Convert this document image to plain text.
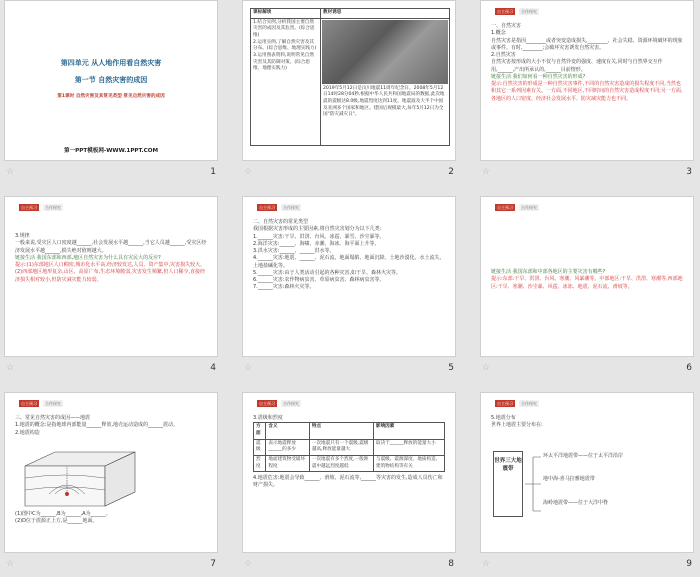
第四单元 从人地作用看自然灾害
第一节 自然灾害的成因
第1课时 自然灾害及其常见类型 常见自然灾害的成因
第一PPT模板网-WWW.1PPT.COM
☆	1
课标解读	教材诱思
1.结合实例,分析我国主要自然灾害的成因及其危害。(综合思维)
2.运用实例,了解自然灾害及其分布。(综合思维、地理实践力)
3.运用图表资料,说明常见自然灾害及其防御对策。(综合思维、地理实践力)	2019年5月12日是汶川地震11周年纪念日。2008年5月12日14时28分04秒,根据中华人民共和国地震局的数据,此次地震的震级达8.0级,地震烈度达到11度。地震波及大半个中国及亚洲多个国家和地区。建国后规模最大,每年5月12日为全国"防灾减灾日"。
☆	2
自主预习	合作探究
一、自然灾害
1.概念
自然灾害是指因________或者突变造成损失,________、社会失稳、资源环境破坏的现象或事件。有时,________;会破坏灾害诱发自然灾害。
2.自然灾害
自然灾害按形成的大小不仅与自然异变的强度、速度有关,同时与自然界交互作用,______,产出所承认的,______目前情形。
链接生活 我们如何看一种自然灾害的形成?
提示:自然灾害的形成是一种自然灾害事件,不同的自然灾害造成的损失程度不同,当然也和其它一系列因素有关。一方面,不同地区,不同时间的自然灾害造成程度不同;另一方面,各地区的人口密度、经济社会发展水平、防灾减灾能力也不同。
☆	3
自主预习	合作探究
3.规律
一般来说,受灾区人口密度越______,社会发展水平越______,当它人员越______,受灾区经济发展水平越______,损失绝对值则越大。
链接生活 我国东部和西部,地区自然灾害为什么具有灾民大的反应?
提示:(1)东部地区人口稠密,城市化水平高,经济较发达,人员、资产集中,灾害损失较大。(2)西部地区地形复杂,山区、高原广布,生态环境脆弱,灾害发生频繁,但人口稀少,直接经济损失相对较小,但防灾减灾能力较弱。
☆	4
自主预习	合作探究
二、自然灾害的常见类型
我国根据灾害形成的主要因素,将自然灾害划分为以下几类:
1.______灾害:干旱、洪涝、台风、冰雹、暴雪、沙尘暴等。
2.海洋灾害:______、海啸、赤潮、海冰、海平面上升等。
3.洪水灾害:______、______洪水等。
4.______灾害:地震、______、泥石流、地面塌陷、地面沉降、土地沙漠化、水土流失、土地盐碱化等。
5.______灾害:由于人类活动引起的各种灾害,如干旱、森林火灾等。
6.______灾害:农作物病虫害、草原病虫害、森林病虫害等。
7.______灾害:森林火灾等。
☆	5
自主预习	合作探究
链接生活 我国东部和中部各地区的主要灾害有哪些?
提示:东部:干旱、洪涝、台风、寒潮、风暴潮等。中部地区:干旱、洪涝、寒潮等,西部地区:干旱、寒潮、沙尘暴、风雹、冰冻、地震、泥石流、滑坡等。
☆	6
自主预习	合作探究
三、常见自然灾害的成因——地震
1.地震的概念:是指地球内部能量______释放,地壳运动造成的______震动。
2.地震构造
(1)图中C为______,B为______,A为______。
(2)D位于震源正上方,是______地面。
☆	7
自主预习	合作探究
3.震级和烈度
方面	含义	特点	影响因素
震级	表示地震释放______的多少	一次地震只有一个震级,震级越高,释放能量越大	取决于______释放的能量大小
烈度	地面建筑物受破坏程度	一次地震有多个烈度,一般距震中越远烈度越低	与震级、震源深度、地质构造、建筑物结构等有关
4.地震危害:地震会导致______、滑坡、泥石流等,______等灾害的发生,造成人员伤亡和财产损失。
☆	8
自主预习	合作探究
5.地震分布
世界上地震主要分布在:
世界三大地震带
环太平洋地震带——位于太平洋沿岸
地中海-喜马拉雅地震带
海岭地震带——位于大洋中脊
☆	9
